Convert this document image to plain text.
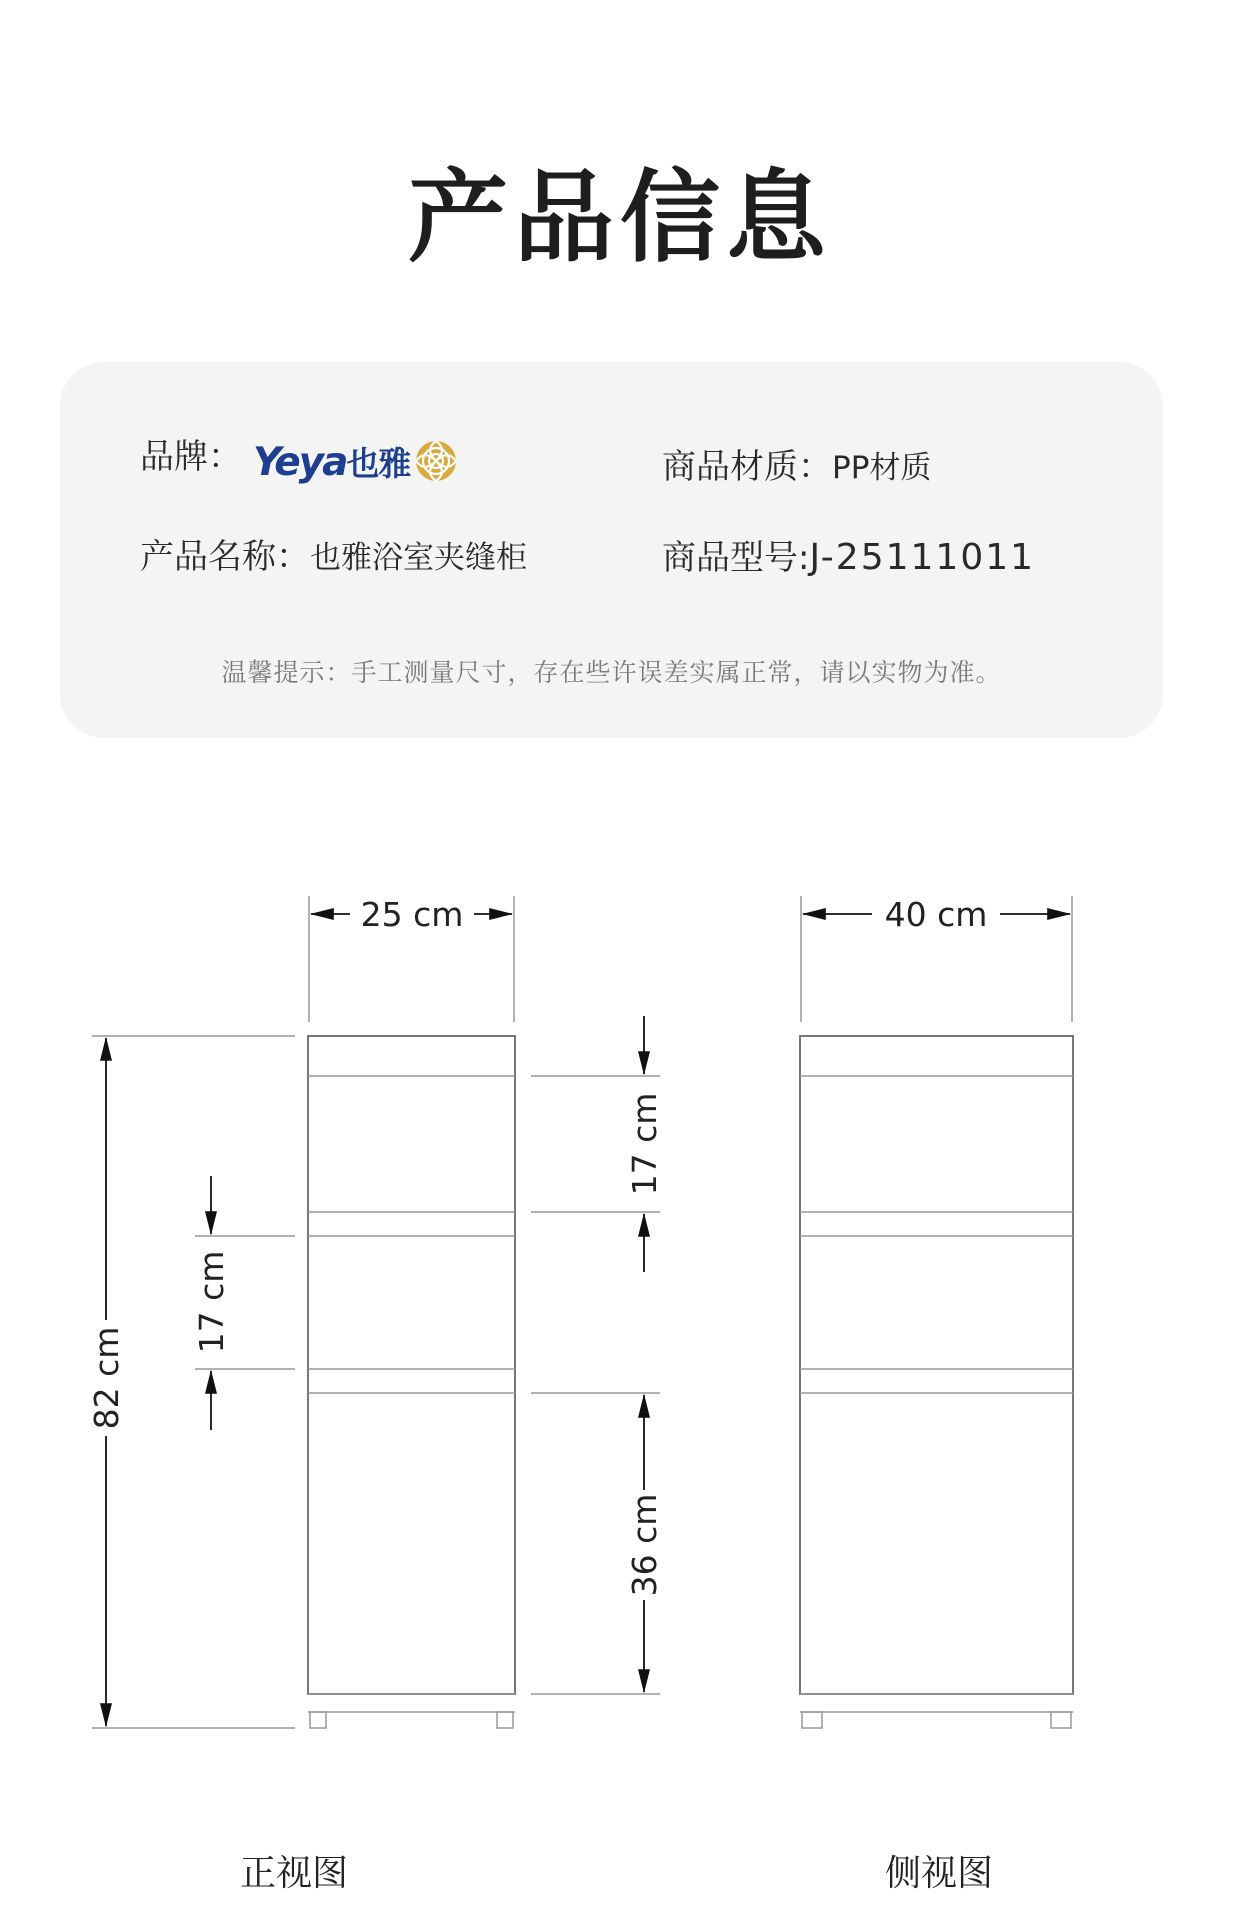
产品信息
品牌： Yeya也雅	商品材质：PP材质
产品名称：也雅浴室夹缝柜	商品型号:J-25111011
温馨提示：手工测量尺寸，存在些许误差实属正常，请以实物为准。
25 cm	40 cm
82 cm
17 cm
17 cm
36 cm
正视图	侧视图
